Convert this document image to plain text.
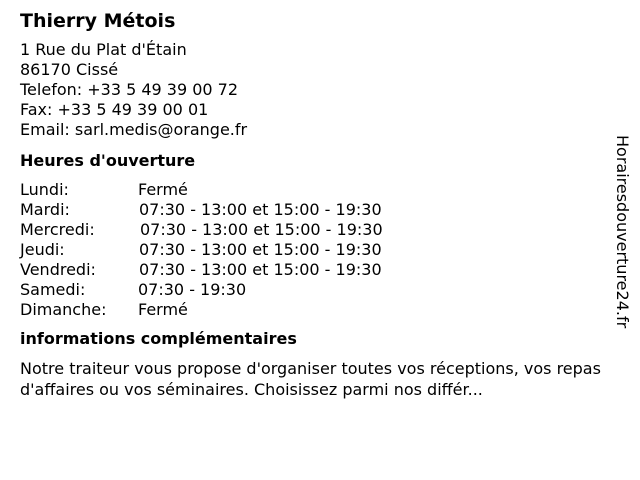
Thierry Métois
1 Rue du Plat d'Étain
86170 Cissé
Telefon: +33 5 49 39 00 72
Fax: +33 5 49 39 00 01
Email: sarl.medis@orange.fr
Heures d'ouverture
Lundi:	Fermé
Mardi:	07:30 - 13:00 et 15:00 - 19:30
Mercredi:	07:30 - 13:00 et 15:00 - 19:30
Jeudi:	07:30 - 13:00 et 15:00 - 19:30
Vendredi:	07:30 - 13:00 et 15:00 - 19:30
Samedi:	07:30 - 19:30
Dimanche:	Fermé
informations complémentaires
Notre traiteur vous propose d'organiser toutes vos réceptions, vos repas d'affaires ou vos séminaires. Choisissez parmi nos différ...
Horairesdouverture24.fr
